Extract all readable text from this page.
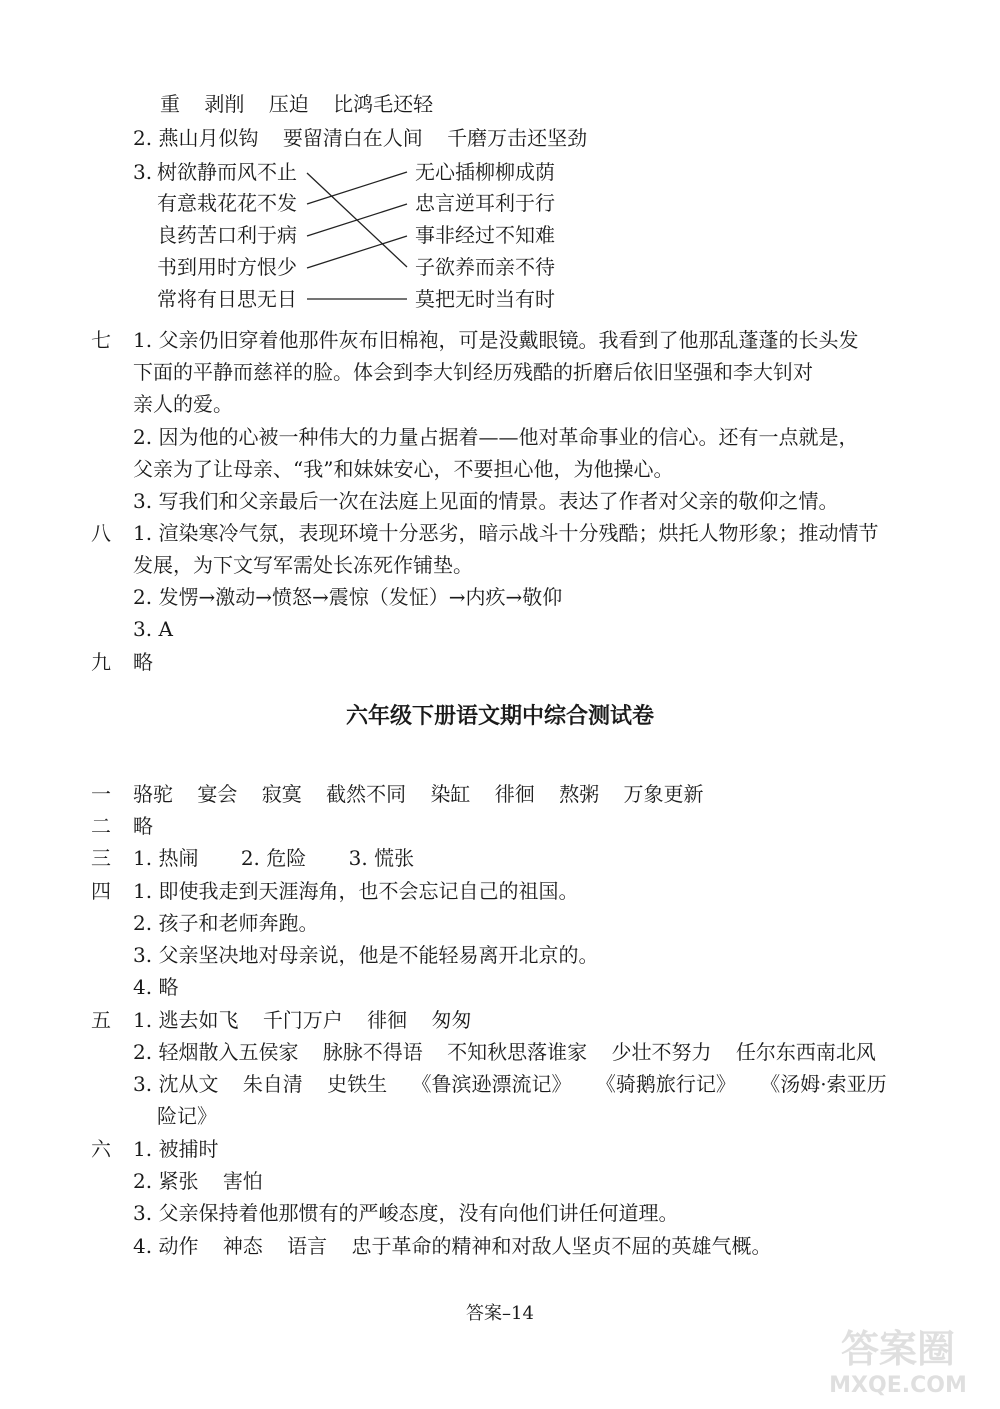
重 剥削 压迫 比鸿毛还轻
2. 燕山月似钩 要留清白在人间 千磨万击还坚劲
3. 树欲静而风不止
有意栽花花不发
良药苦口利于病
书到用时方恨少
常将有日思无日
无心插柳柳成荫
忠言逆耳利于行
事非经过不知难
子欲养而亲不待
莫把无时当有时
七 1. 父亲仍旧穿着他那件灰布旧棉袍，可是没戴眼镜。我看到了他那乱蓬蓬的长头发
下面的平静而慈祥的脸。体会到李大钊经历残酷的折磨后依旧坚强和李大钊对
亲人的爱。
2. 因为他的心被一种伟大的力量占据着——他对革命事业的信心。还有一点就是，
父亲为了让母亲、“我”和妹妹安心，不要担心他，为他操心。
3. 写我们和父亲最后一次在法庭上见面的情景。表达了作者对父亲的敬仰之情。
八 1. 渲染寒冷气氛，表现环境十分恶劣，暗示战斗十分残酷；烘托人物形象；推动情节
发展，为下文写军需处长冻死作铺垫。
2. 发愣→激动→愤怒→震惊（发怔）→内疚→敬仰
3. A
九 略
六年级下册语文期中综合测试卷
一 骆驼 宴会 寂寞 截然不同 染缸 徘徊 熬粥 万象更新
二 略
三 1. 热闹 2. 危险 3. 慌张
四 1. 即使我走到天涯海角，也不会忘记自己的祖国。
2. 孩子和老师奔跑。
3. 父亲坚决地对母亲说，他是不能轻易离开北京的。
4. 略
五 1. 逃去如飞 千门万户 徘徊 匆匆
2. 轻烟散入五侯家 脉脉不得语 不知秋思落谁家 少壮不努力 任尔东西南北风
3. 沈从文 朱自清 史铁生 《鲁滨逊漂流记》 《骑鹅旅行记》 《汤姆·索亚历
险记》
六 1. 被捕时
2. 紧张 害怕
3. 父亲保持着他那惯有的严峻态度，没有向他们讲任何道理。
4. 动作 神态 语言 忠于革命的精神和对敌人坚贞不屈的英雄气概。
答案–14
答案圈
MXQE.COM
